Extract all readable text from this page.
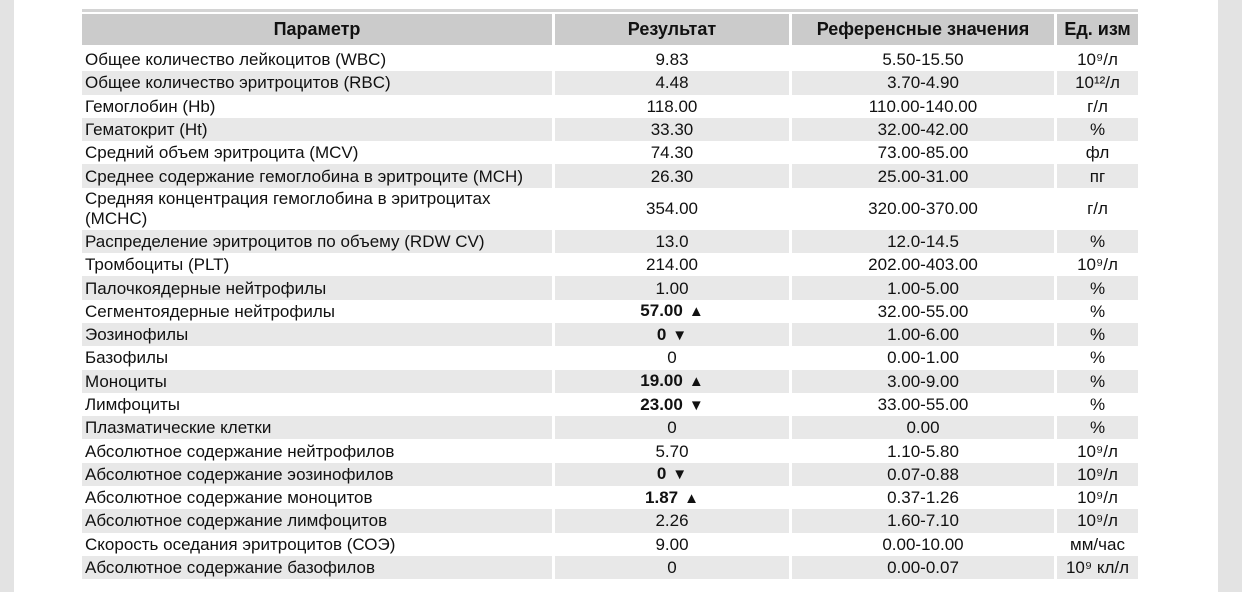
Параметр	Результат	Референсные значения	Ед. изм
Общее количество лейкоцитов (WBC)	9.83	5.50-15.50	10⁹/л
Общее количество эритроцитов (RBC)	4.48	3.70-4.90	10¹²/л
Гемоглобин (Hb)	118.00	110.00-140.00	г/л
Гематокрит (Ht)	33.30	32.00-42.00	%
Средний объем эритроцита (MCV)	74.30	73.00-85.00	фл
Среднее содержание гемоглобина в эритроците (MCH)	26.30	25.00-31.00	пг
Средняя концентрация гемоглобина в эритроцитах (MCHC)	354.00	320.00-370.00	г/л
Распределение эритроцитов по объему (RDW CV)	13.0	12.0-14.5	%
Тромбоциты (PLT)	214.00	202.00-403.00	10⁹/л
Палочкоядерные нейтрофилы	1.00	1.00-5.00	%
Сегментоядерные нейтрофилы	57.00 ▲	32.00-55.00	%
Эозинофилы	0 ▼	1.00-6.00	%
Базофилы	0	0.00-1.00	%
Моноциты	19.00 ▲	3.00-9.00	%
Лимфоциты	23.00 ▼	33.00-55.00	%
Плазматические клетки	0	0.00	%
Абсолютное содержание нейтрофилов	5.70	1.10-5.80	10⁹/л
Абсолютное содержание эозинофилов	0 ▼	0.07-0.88	10⁹/л
Абсолютное содержание моноцитов	1.87 ▲	0.37-1.26	10⁹/л
Абсолютное содержание лимфоцитов	2.26	1.60-7.10	10⁹/л
Скорость оседания эритроцитов (СОЭ)	9.00	0.00-10.00	мм/час
Абсолютное содержание базофилов	0	0.00-0.07	10⁹ кл/л
